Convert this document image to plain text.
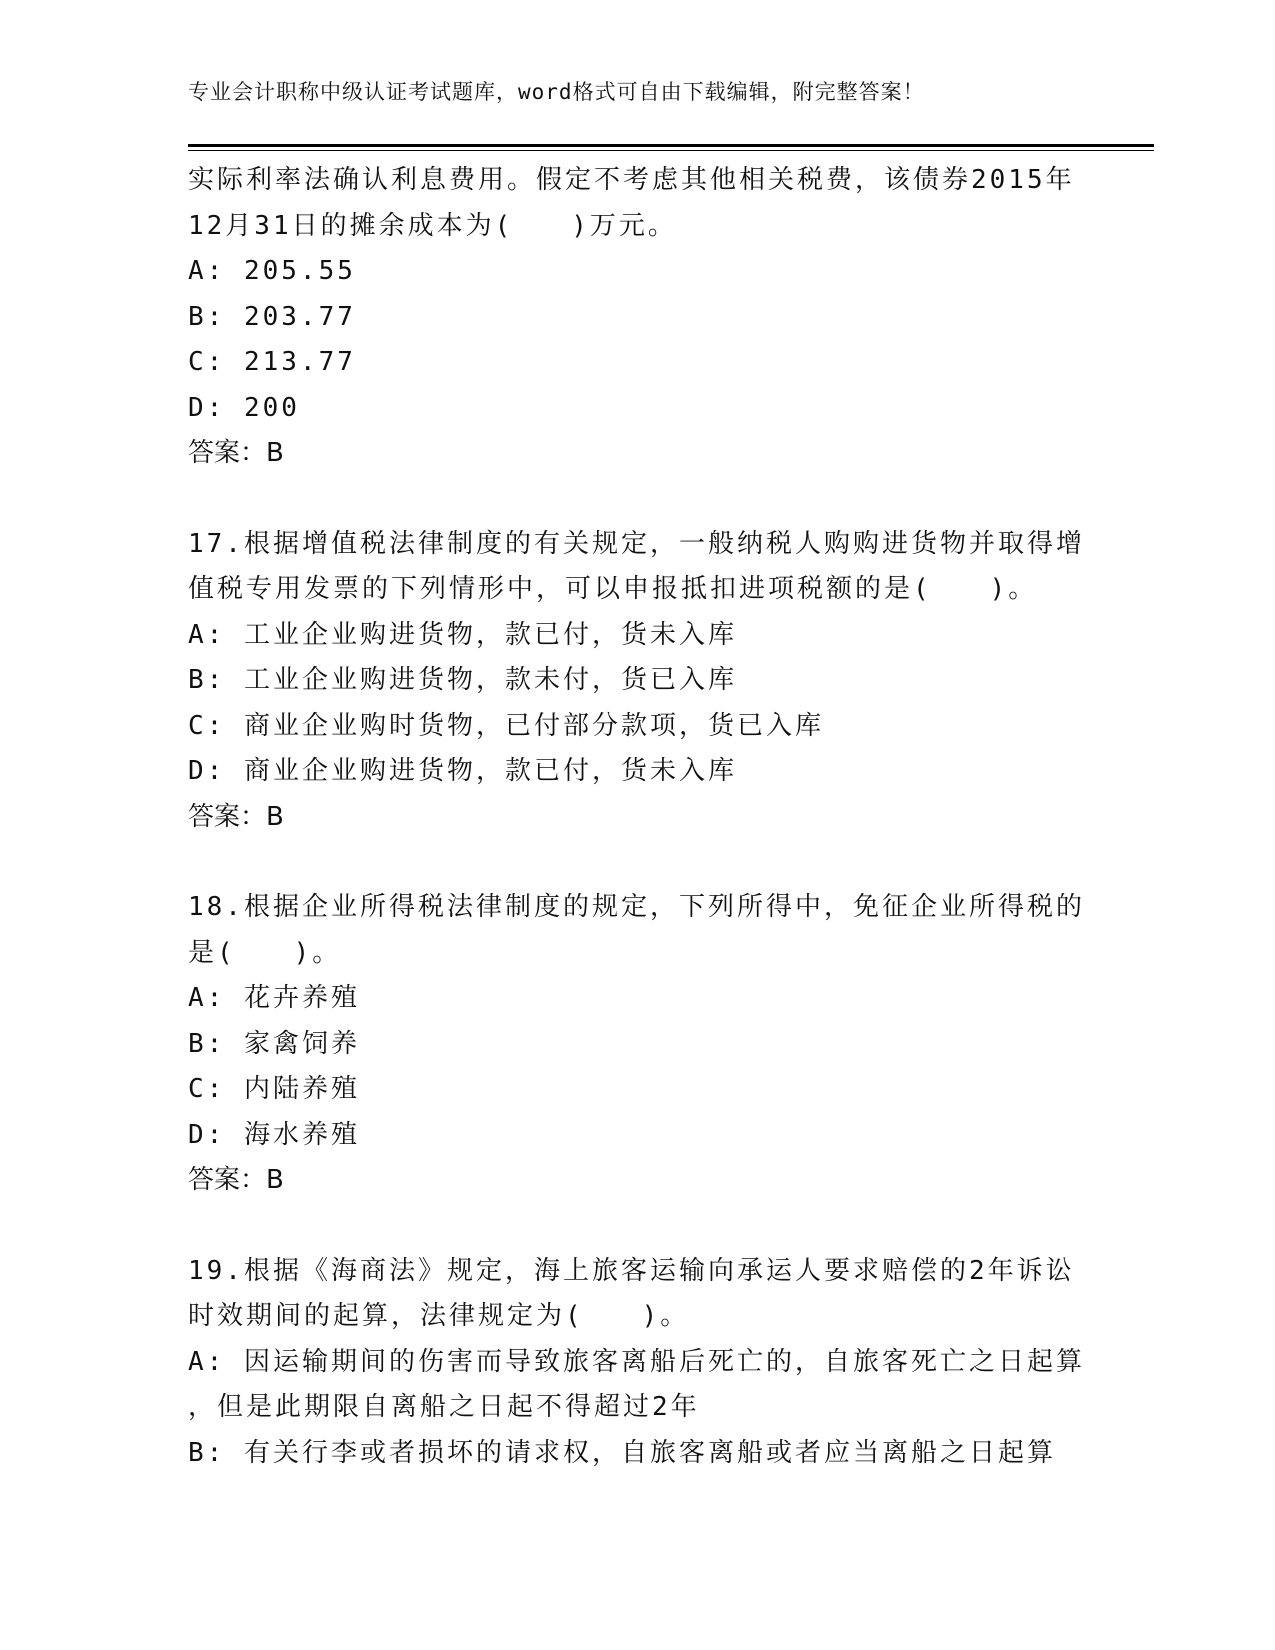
专业会计职称中级认证考试题库，word格式可自由下载编辑，附完整答案！
实际利率法确认利息费用。假定不考虑其他相关税费，该债券2015年
12月31日的摊余成本为(　　)万元。
A: 205.55
B: 203.77
C: 213.77
D: 200
答案：B
17.根据增值税法律制度的有关规定，一般纳税人购购进货物并取得增
值税专用发票的下列情形中，可以申报抵扣进项税额的是(　　)。
A: 工业企业购进货物，款已付，货未入库
B: 工业企业购进货物，款未付，货已入库
C: 商业企业购时货物，已付部分款项，货已入库
D: 商业企业购进货物，款已付，货未入库
答案：B
18.根据企业所得税法律制度的规定，下列所得中，免征企业所得税的
是(　　)。
A: 花卉养殖
B: 家禽饲养
C: 内陆养殖
D: 海水养殖
答案：B
19.根据《海商法》规定，海上旅客运输向承运人要求赔偿的2年诉讼
时效期间的起算，法律规定为(　　)。
A: 因运输期间的伤害而导致旅客离船后死亡的，自旅客死亡之日起算
，但是此期限自离船之日起不得超过2年
B: 有关行李或者损坏的请求权，自旅客离船或者应当离船之日起算
